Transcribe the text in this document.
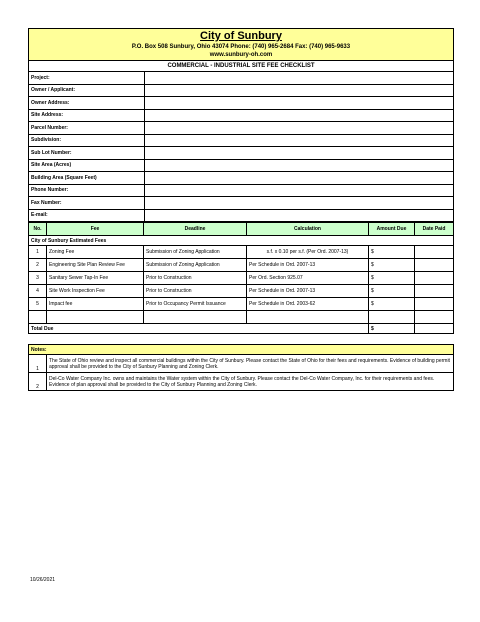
City of Sunbury
P.O. Box 508 Sunbury, Ohio 43074 Phone: (740) 965-2684 Fax: (740) 965-9633
www.sunbury-oh.com	

COMMERCIAL - INDUSTRIAL SITE FEE CHECKLIST	
Project:	
Owner / Applicant:	
Owner Address:	
Site Address:	
Parcel Number:	
Subdivision:	
Sub Lot Number:	
Site Area (Acres)	
Building Area (Square Feet)	
Phone Number:	
Fax Number:	
E-mail:	
No.	Fee	Deadline	Calculation	Amount Due	Date Paid
City of Sunbury Estimated Fees					
1	Zoning Fee	Submission of Zoning Application	s.f. x 0.10 per s.f. (Per Ord. 2007-13)	$	
2	Engineering Site Plan Review Fee	Submission of Zoning Application	Per Schedule in Ord. 2007-13	$	
3	Sanitary Sewer Tap-In Fee	Prior to Construction	Per Ord. Section 925.07	$	
4	Site Work Inspection Fee	Prior to Construction	Per Schedule in Ord. 2007-13	$	
5	Impact fee	Prior to Occupancy Permit Issuance	Per Schedule in Ord. 2003-62	$	

Total Due				$	
Notes:	
1	The State of Ohio review and inspect all commercial buildings within the City of Sunbury. Please contact the State of Ohio for their fees and requirements. Evidence of building permit approval shall be provided to the City of Sunbury Planning and Zoning Clerk.
2	Del-Co Water Company Inc. owns and maintains the Water system within the City of Sunbury. Please contact the Del-Co Water Company, Inc. for their requirements and fees. Evidence of plan approval shall be provided to the City of Sunbury Planning and Zoning Clerk.
10/26/2021
